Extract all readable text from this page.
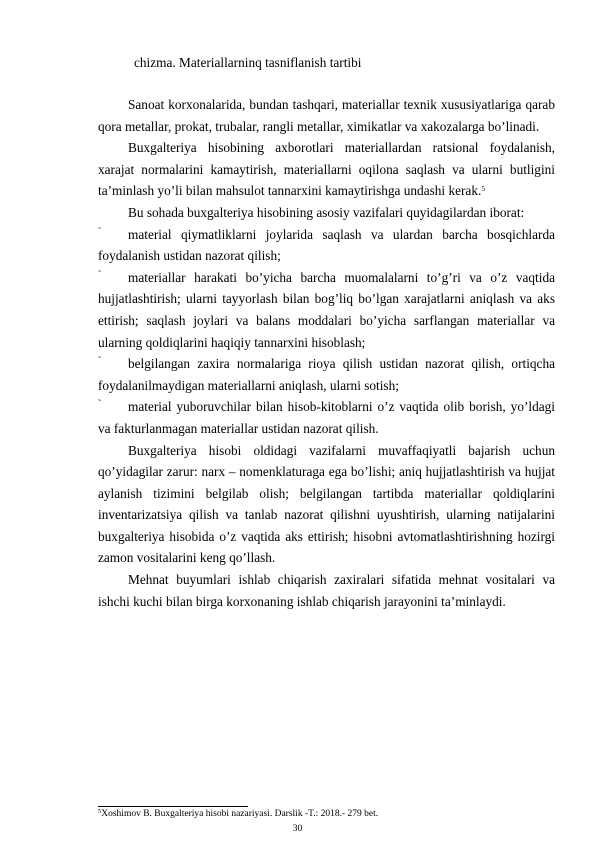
chizma. Materiallarninq tasniflanish tartibi

Sanoat korxonalarida, bundan tashqari, materiallar texnik xususiyatlariga qarab qora metallar, prokat, trubalar, rangli metallar, ximikatlar va xakozalarga bo’linadi.

Buxgalteriya hisobining axborotlari materiallardan ratsional foydalanish, xarajat normalarini kamaytirish, materiallarni oqilona saqlash va ularni butligini ta’minlash yo’li bilan mahsulot tannarxini kamaytirishga undashi kerak.$^5$

Bu sohada buxgalteriya hisobining asosiy vazifalari quyidagilardan iborat:

˜ material qiymatliklarni joylarida saqlash va ulardan barcha bosqichlarda foydalanish ustidan nazorat qilish;

˜ materiallar harakati bo’yicha barcha muomalalarni to’g’ri va o’z vaqtida hujjatlashtirish; ularni tayyorlash bilan bog’liq bo’lgan xarajatlarni aniqlash va aks ettirish; saqlash joylari va balans moddalari bo’yicha sarflangan materiallar va ularning qoldiqlarini haqiqiy tannarxini hisoblash;

˜ belgilangan zaxira normalariga rioya qilish ustidan nazorat qilish, ortiqcha foydalanilmaydigan materiallarni aniqlash, ularni sotish;

˜ material yuboruvchilar bilan hisob-kitoblarni o’z vaqtida olib borish, yo’ldagi va fakturlanmagan materiallar ustidan nazorat qilish.

Buxgalteriya hisobi oldidagi vazifalarni muvaffaqiyatli bajarish uchun qo’yidagilar zarur: narx – nomenklaturaga ega bo’lishi; aniq hujjatlashtirish va hujjat aylanish tizimini belgilab olish; belgilangan tartibda materiallar qoldiqlarini inventarizatsiya qilish va tanlab nazorat qilishni uyushtirish, ularning natijalarini buxgalteriya hisobida o’z vaqtida aks ettirish; hisobni avtomatlashtirishning hozirgi zamon vositalarini keng qo’llash.

Mehnat buyumlari ishlab chiqarish zaxiralari sifatida mehnat vositalari va ishchi kuchi bilan birga korxonaning ishlab chiqarish jarayonini ta’minlaydi.

$^5$Xoshimov B. Buxgalteriya hisobi nazariyasi. Darslik -T.: 2018.- 279 bet.
30
